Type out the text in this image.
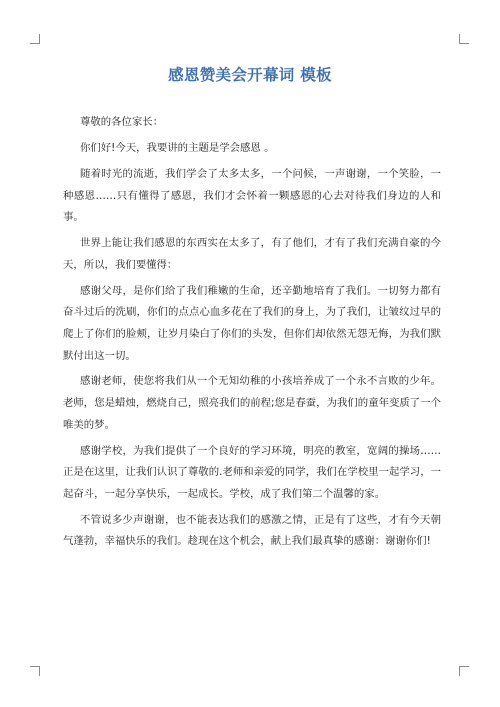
感恩赞美会开幕词 模板

尊敬的各位家长：

你们好!今天，我要讲的主题是学会感恩 。

随着时光的流逝，我们学会了太多太多，一个问候，一声谢谢，一个笑脸，一种感恩……只有懂得了感恩，我们才会怀着一颗感恩的心去对待我们身边的人和事。

世界上能让我们感恩的东西实在太多了，有了他们，才有了我们充满自豪的今天，所以，我们要懂得：

感谢父母，是你们给了我们稚嫩的生命，还辛勤地培育了我们。一切努力都有奋斗过后的洗刷，你们的点点心血多花在了我们的身上，为了我们，让皱纹过早的爬上了你们的脸颊，让岁月染白了你们的头发，但你们却依然无怨无悔，为我们默默付出这一切。

感谢老师，使您将我们从一个无知幼稚的小孩培养成了一个永不言败的少年。老师，您是蜡烛，燃烧自己，照亮我们的前程;您是春蚕，为我们的童年变质了一个唯美的梦。

感谢学校，为我们提供了一个良好的学习环境，明亮的教室，宽阔的操场……正是在这里，让我们认识了尊敬的.老师和亲爱的同学，我们在学校里一起学习，一起奋斗，一起分享快乐，一起成长。学校，成了我们第二个温馨的家。

不管说多少声谢谢，也不能表达我们的感激之情，正是有了这些，才有今天朝气蓬勃，幸福快乐的我们。趁现在这个机会，献上我们最真挚的感谢：谢谢你们!
